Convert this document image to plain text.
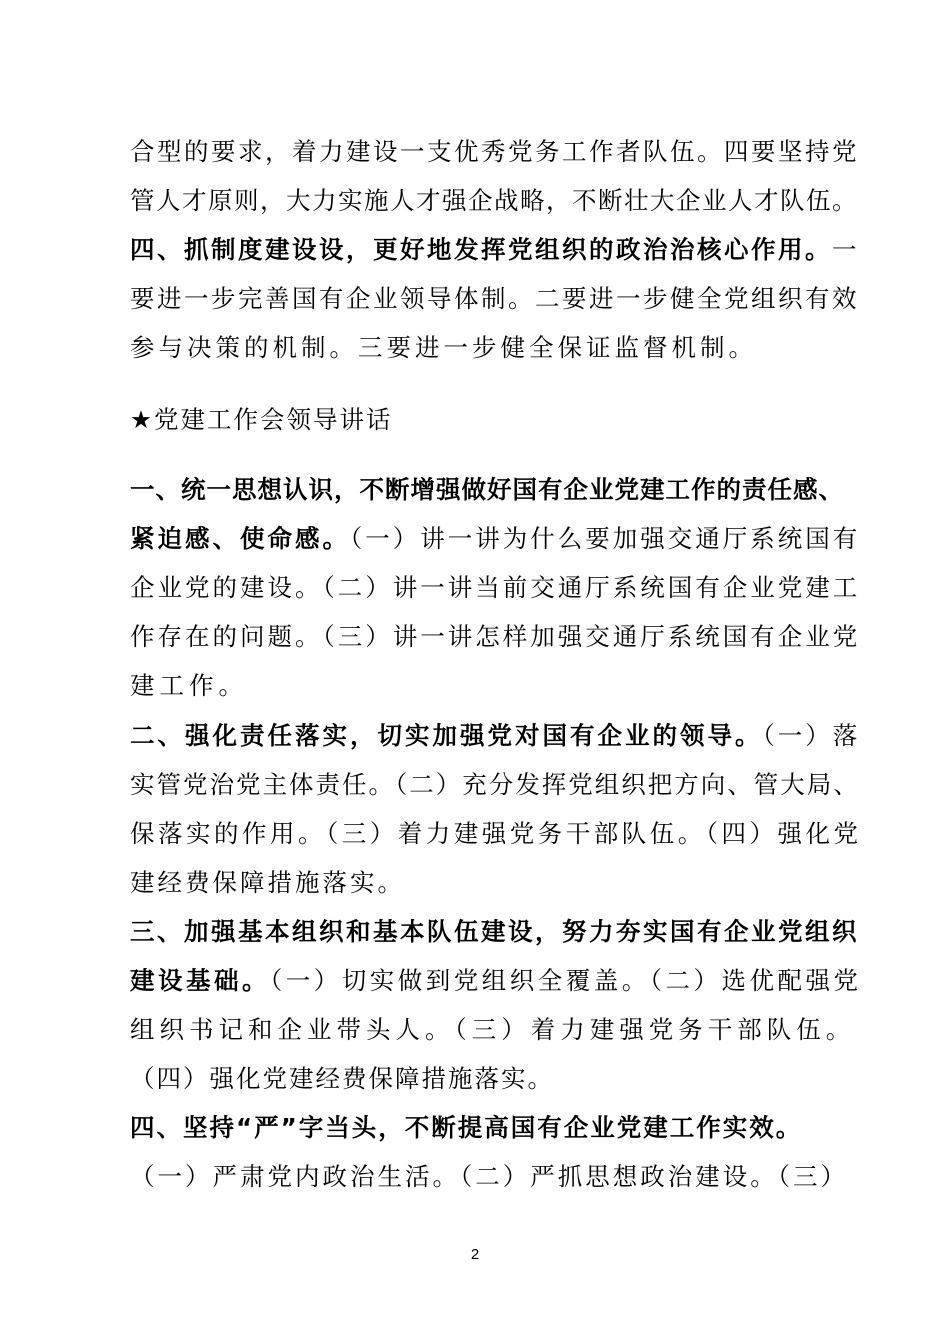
合型的要求，着力建设一支优秀党务工作者队伍。四要坚持党
管人才原则，大力实施人才强企战略，不断壮大企业人才队伍。
四、抓制度建设设，更好地发挥党组织的政治治核心作用。一
要进一步完善国有企业领导体制。二要进一步健全党组织有效
参与决策的机制。三要进一步健全保证监督机制。
★党建工作会领导讲话
一、统一思想认识，不断增强做好国有企业党建工作的责任感、
紧迫感、使命感。（一）讲一讲为什么要加强交通厅系统国有
企业党的建设。（二）讲一讲当前交通厅系统国有企业党建工
作存在的问题。（三）讲一讲怎样加强交通厅系统国有企业党
建工作。
二、强化责任落实，切实加强党对国有企业的领导。（一）落
实管党治党主体责任。（二）充分发挥党组织把方向、管大局、
保落实的作用。（三）着力建强党务干部队伍。（四）强化党
建经费保障措施落实。
三、加强基本组织和基本队伍建设，努力夯实国有企业党组织
建设基础。（一）切实做到党组织全覆盖。（二）选优配强党
组织书记和企业带头人。（三）着力建强党务干部队伍。
（四）强化党建经费保障措施落实。
四、坚持“严”字当头，不断提高国有企业党建工作实效。
（一）严肃党内政治生活。（二）严抓思想政治建设。（三）
2
